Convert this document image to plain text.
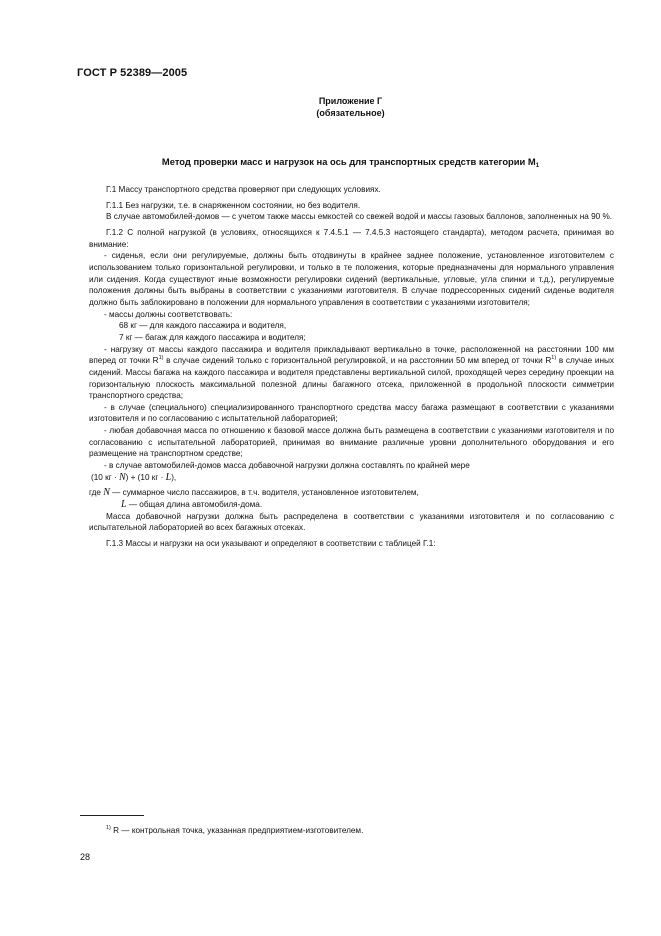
ГОСТ Р 52389—2005
Приложение Г
(обязательное)
Метод проверки масс и нагрузок на ось для транспортных средств категории $M_1$

Г.1 Массу транспортного средства проверяют при следующих условиях.

Г.1.1 Без нагрузки, т.е. в снаряженном состоянии, но без водителя.

В случае автомобилей-домов — с учетом также массы емкостей со свежей водой и массы газовых баллонов, заполненных на 90 %.

Г.1.2 С полной нагрузкой (в условиях, относящихся к 7.4.5.1 — 7.4.5.3 настоящего стандарта), методом расчета, принимая во внимание:

- сиденья, если они регулируемые, должны быть отодвинуты в крайнее заднее положение, установленное изготовителем с использованием только горизонтальной регулировки, и только в те положения, которые предназначены для нормального управления или сидения. Когда существуют иные возможности регулировки сидений (вертикальные, угловые, угла спинки и т.д.), регулируемые положения должны быть выбраны в соответствии с указаниями изготовителя. В случае подрессоренных сидений сиденье водителя должно быть заблокировано в положении для нормального управления в соответствии с указаниями изготовителя;

- массы должны соответствовать:

68 кг — для каждого пассажира и водителя,

7 кг — багаж для каждого пассажира и водителя;

- нагрузку от массы каждого пассажира и водителя прикладывают вертикально в точке, расположенной на расстоянии 100 мм вперед от точки $R^{1)}$ в случае сидений только с горизонтальной регулировкой, и на расстоянии 50 мм вперед от точки $R^{1)}$ в случае иных сидений. Массы багажа на каждого пассажира и водителя представлены вертикальной силой, проходящей через середину проекции на горизонтальную плоскость максимальной полезной длины багажного отсека, приложенной в продольной плоскости симметрии транспортного средства;

- в случае (специального) специализированного транспортного средства массу багажа размещают в соответствии с указаниями изготовителя и по согласованию с испытательной лабораторией;

- любая добавочная масса по отношению к базовой массе должна быть размещена в соответствии с указаниями изготовителя и по согласованию с испытательной лабораторией, принимая во внимание различные уровни дополнительного оборудования и его размещение на транспортном средстве;

- в случае автомобилей-домов масса добавочной нагрузки должна составлять по крайней мере

(10 кг · N) + (10 кг · L),

где N — суммарное число пассажиров, в т.ч. водителя, установленное изготовителем,

L — общая длина автомобиля-дома.

Масса добавочной нагрузки должна быть распределена в соответствии с указаниями изготовителя и по согласованию с испытательной лабораторией во всех багажных отсеках.

Г.1.3 Массы и нагрузки на оси указывают и определяют в соответствии с таблицей Г.1:

$^{1)}$ R — контрольная точка, указанная предприятием-изготовителем.
28
